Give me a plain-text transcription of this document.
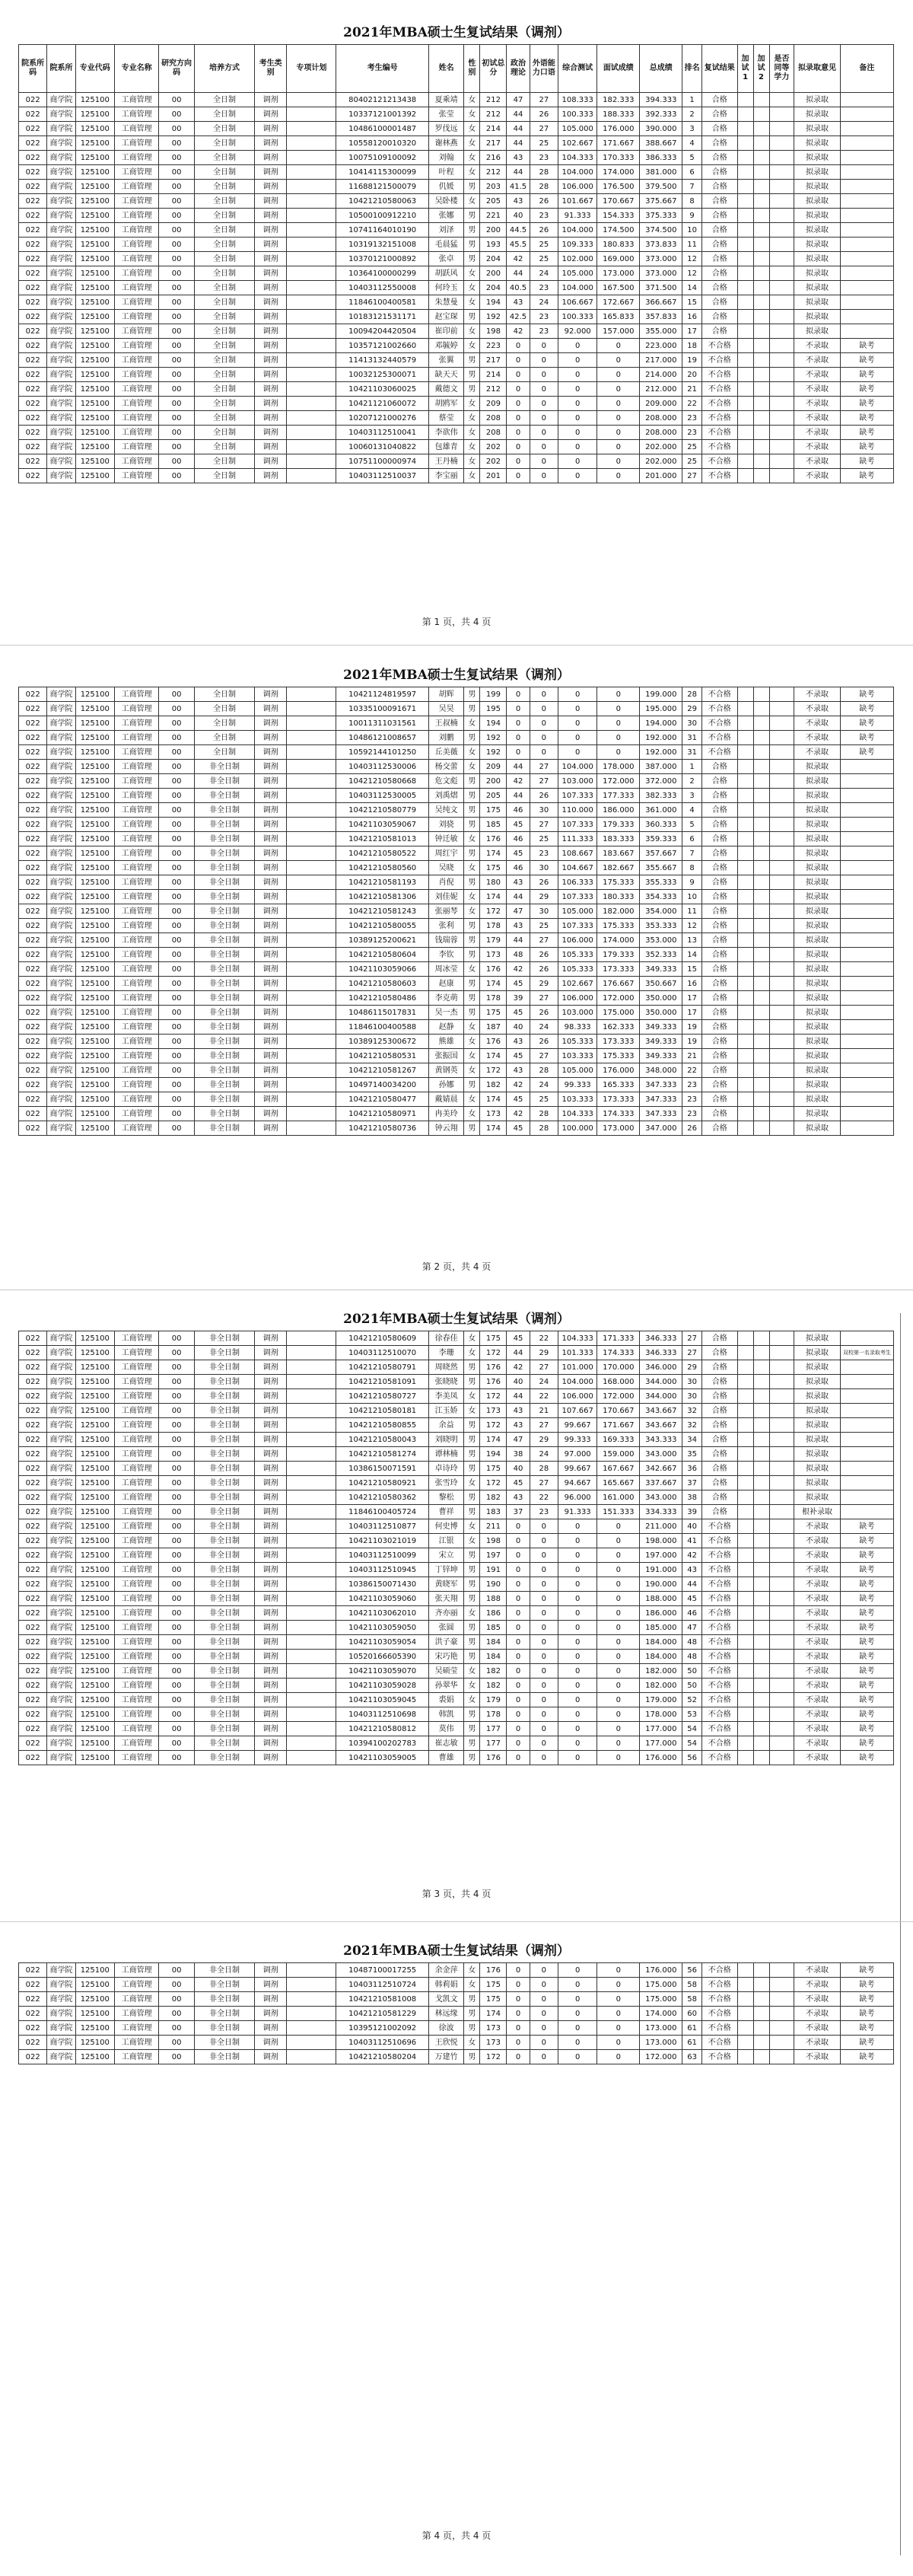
2021年MBA硕士生复试结果（调剂）
院系所码	院系所	专业代码	专业名称	研究方向码	培养方式	考生类别	专项计划	考生编号	姓名	性别	初试总分	政治理论	外语能力口语	综合测试	面试成绩	总成绩	排名	复试结果	加试1	加试2	是否同等学力	拟录取意见	备注
022	商学院	125100	工商管理	00	全日制	调剂		80402121213438	夏乘靖	女	212	47	27	108.333	182.333	394.333	1	合格				拟录取	
022	商学院	125100	工商管理	00	全日制	调剂		10337121001392	张莹	女	212	44	26	100.333	188.333	392.333	2	合格				拟录取	
022	商学院	125100	工商管理	00	全日制	调剂		10486100001487	罗伐远	女	214	44	27	105.000	176.000	390.000	3	合格				拟录取	
022	商学院	125100	工商管理	00	全日制	调剂		10558120010320	谢林燕	女	217	44	25	102.667	171.667	388.667	4	合格				拟录取	
022	商学院	125100	工商管理	00	全日制	调剂		10075109100092	刘翰	女	216	43	23	104.333	170.333	386.333	5	合格				拟录取	
022	商学院	125100	工商管理	00	全日制	调剂		10414115300099	叶程	女	212	44	28	104.000	174.000	381.000	6	合格				拟录取	
022	商学院	125100	工商管理	00	全日制	调剂		11688121500079	仉媛	男	203	41.5	28	106.000	176.500	379.500	7	合格				拟录取	
022	商学院	125100	工商管理	00	全日制	调剂		10421210580063	吴卧楼	女	205	43	26	101.667	170.667	375.667	8	合格				拟录取	
022	商学院	125100	工商管理	00	全日制	调剂		10500100912210	张娜	男	221	40	23	91.333	154.333	375.333	9	合格				拟录取	
022	商学院	125100	工商管理	00	全日制	调剂		10741164010190	刘泽	男	200	44.5	26	104.000	174.500	374.500	10	合格				拟录取	
022	商学院	125100	工商管理	00	全日制	调剂		10319132151008	毛晨猛	男	193	45.5	25	109.333	180.833	373.833	11	合格				拟录取	
022	商学院	125100	工商管理	00	全日制	调剂		10370121000892	张卓	男	204	42	25	102.000	169.000	373.000	12	合格				拟录取	
022	商学院	125100	工商管理	00	全日制	调剂		10364100000299	胡跃风	女	200	44	24	105.000	173.000	373.000	12	合格				拟录取	
022	商学院	125100	工商管理	00	全日制	调剂		10403112550008	何玲玉	女	204	40.5	23	104.000	167.500	371.500	14	合格				拟录取	
022	商学院	125100	工商管理	00	全日制	调剂		11846100400581	朱慧曼	女	194	43	24	106.667	172.667	366.667	15	合格				拟录取	
022	商学院	125100	工商管理	00	全日制	调剂		10183121531171	赵宝琛	男	192	42.5	23	100.333	165.833	357.833	16	合格				拟录取	
022	商学院	125100	工商管理	00	全日制	调剂		10094204420504	崔印前	女	198	42	23	92.000	157.000	355.000	17	合格				拟录取	
022	商学院	125100	工商管理	00	全日制	调剂		10357121002660	邓毓婷	女	223	0	0	0	0	223.000	18	不合格				不录取	缺考
022	商学院	125100	工商管理	00	全日制	调剂		11413132440579	张翼	男	217	0	0	0	0	217.000	19	不合格				不录取	缺考
022	商学院	125100	工商管理	00	全日制	调剂		10032125300071	缺天天	男	214	0	0	0	0	214.000	20	不合格				不录取	缺考
022	商学院	125100	工商管理	00	全日制	调剂		10421103060025	戴德文	男	212	0	0	0	0	212.000	21	不合格				不录取	缺考
022	商学院	125100	工商管理	00	全日制	调剂		10421121060072	胡鸥军	女	209	0	0	0	0	209.000	22	不合格				不录取	缺考
022	商学院	125100	工商管理	00	全日制	调剂		10207121000276	蔡莹	女	208	0	0	0	0	208.000	23	不合格				不录取	缺考
022	商学院	125100	工商管理	00	全日制	调剂		10403112510041	李欲伟	女	208	0	0	0	0	208.000	23	不合格				不录取	缺考
022	商学院	125100	工商管理	00	全日制	调剂		10060131040822	包雄青	女	202	0	0	0	0	202.000	25	不合格				不录取	缺考
022	商学院	125100	工商管理	00	全日制	调剂		10751100000974	王丹楠	女	202	0	0	0	0	202.000	25	不合格				不录取	缺考
022	商学院	125100	工商管理	00	全日制	调剂		10403112510037	李宝丽	女	201	0	0	0	0	201.000	27	不合格				不录取	缺考
第 1 页，共 4 页
2021年MBA硕士生复试结果（调剂）
022	商学院	125100	工商管理	00	全日制	调剂		10421124819597	胡辉	男	199	0	0	0	0	199.000	28	不合格				不录取	缺考
022	商学院	125100	工商管理	00	全日制	调剂		10335100091671	吴昊	男	195	0	0	0	0	195.000	29	不合格				不录取	缺考
022	商学院	125100	工商管理	00	全日制	调剂		10011311031561	王叔楠	女	194	0	0	0	0	194.000	30	不合格				不录取	缺考
022	商学院	125100	工商管理	00	全日制	调剂		10486121008657	刘鹏	男	192	0	0	0	0	192.000	31	不合格				不录取	缺考
022	商学院	125100	工商管理	00	全日制	调剂		10592144101250	丘美薇	女	192	0	0	0	0	192.000	31	不合格				不录取	缺考
022	商学院	125100	工商管理	00	非全日制	调剂		10403112530006	杨交蕾	女	209	44	27	104.000	178.000	387.000	1	合格				拟录取	
022	商学院	125100	工商管理	00	非全日制	调剂		10421210580668	危文彪	男	200	42	27	103.000	172.000	372.000	2	合格				拟录取	
022	商学院	125100	工商管理	00	非全日制	调剂		10403112530005	刘禹熠	男	205	44	26	107.333	177.333	382.333	3	合格				拟录取	
022	商学院	125100	工商管理	00	非全日制	调剂		10421210580779	吴纯文	男	175	46	30	110.000	186.000	361.000	4	合格				拟录取	
022	商学院	125100	工商管理	00	非全日制	调剂		10421103059067	刘骁	男	185	45	27	107.333	179.333	360.333	5	合格				拟录取	
022	商学院	125100	工商管理	00	非全日制	调剂		10421210581013	钟迁敏	女	176	46	25	111.333	183.333	359.333	6	合格				拟录取	
022	商学院	125100	工商管理	00	非全日制	调剂		10421210580522	周红宇	男	174	45	23	108.667	183.667	357.667	7	合格				拟录取	
022	商学院	125100	工商管理	00	非全日制	调剂		10421210580560	吴晓	女	175	46	30	104.667	182.667	355.667	8	合格				拟录取	
022	商学院	125100	工商管理	00	非全日制	调剂		10421210581193	肖倪	男	180	43	26	106.333	175.333	355.333	9	合格				拟录取	
022	商学院	125100	工商管理	00	非全日制	调剂		10421210581306	刘佳妮	女	174	44	29	107.333	180.333	354.333	10	合格				拟录取	
022	商学院	125100	工商管理	00	非全日制	调剂		10421210581243	张丽琴	女	172	47	30	105.000	182.000	354.000	11	合格				拟录取	
022	商学院	125100	工商管理	00	非全日制	调剂		10421210580055	张利	男	178	43	25	107.333	175.333	353.333	12	合格				拟录取	
022	商学院	125100	工商管理	00	非全日制	调剂		10389125200621	钱瑞蓉	男	179	44	27	106.000	174.000	353.000	13	合格				拟录取	
022	商学院	125100	工商管理	00	非全日制	调剂		10421210580604	李钦	男	173	48	26	105.333	179.333	352.333	14	合格				拟录取	
022	商学院	125100	工商管理	00	非全日制	调剂		10421103059066	周冰莹	女	176	42	26	105.333	173.333	349.333	15	合格				拟录取	
022	商学院	125100	工商管理	00	非全日制	调剂		10421210580603	赵康	男	174	45	29	102.667	176.667	350.667	16	合格				拟录取	
022	商学院	125100	工商管理	00	非全日制	调剂		10421210580486	李克萌	男	178	39	27	106.000	172.000	350.000	17	合格				拟录取	
022	商学院	125100	工商管理	00	非全日制	调剂		10486115017831	吴一杰	男	175	45	26	103.000	175.000	350.000	17	合格				拟录取	
022	商学院	125100	工商管理	00	非全日制	调剂		11846100400588	赵静	女	187	40	24	98.333	162.333	349.333	19	合格				拟录取	
022	商学院	125100	工商管理	00	非全日制	调剂		10389125300672	熊雄	女	176	43	26	105.333	173.333	349.333	19	合格				拟录取	
022	商学院	125100	工商管理	00	非全日制	调剂		10421210580531	张振国	女	174	45	27	103.333	175.333	349.333	21	合格				拟录取	
022	商学院	125100	工商管理	00	非全日制	调剂		10421210581267	黄钢英	女	172	43	28	105.000	176.000	348.000	22	合格				拟录取	
022	商学院	125100	工商管理	00	非全日制	调剂		10497140034200	孙娜	男	182	42	24	99.333	165.333	347.333	23	合格				拟录取	
022	商学院	125100	工商管理	00	非全日制	调剂		10421210580477	戴婧晨	女	174	45	25	103.333	173.333	347.333	23	合格				拟录取	
022	商学院	125100	工商管理	00	非全日制	调剂		10421210580971	冉美玲	女	173	42	28	104.333	174.333	347.333	23	合格				拟录取	
022	商学院	125100	工商管理	00	非全日制	调剂		10421210580736	钟云翔	男	174	45	28	100.000	173.000	347.000	26	合格				拟录取	
第 2 页，共 4 页
2021年MBA硕士生复试结果（调剂）
022	商学院	125100	工商管理	00	非全日制	调剂		10421210580609	徐春佳	女	175	45	22	104.333	171.333	346.333	27	合格				拟录取	
022	商学院	125100	工商管理	00	非全日制	调剂		10403112510070	李珊	女	172	44	29	101.333	174.333	346.333	27	合格				拟录取	双校第一名录取考生
022	商学院	125100	工商管理	00	非全日制	调剂		10421210580791	周晓然	男	176	42	27	101.000	170.000	346.000	29	合格				拟录取	
022	商学院	125100	工商管理	00	非全日制	调剂		10421210581091	张晓晓	男	176	40	24	104.000	168.000	344.000	30	合格				拟录取	
022	商学院	125100	工商管理	00	非全日制	调剂		10421210580727	李美凤	女	172	44	22	106.000	172.000	344.000	30	合格				拟录取	
022	商学院	125100	工商管理	00	非全日制	调剂		10421210580181	江玉娇	女	173	43	21	107.667	170.667	343.667	32	合格				拟录取	
022	商学院	125100	工商管理	00	非全日制	调剂		10421210580855	余益	男	172	43	27	99.667	171.667	343.667	32	合格				拟录取	
022	商学院	125100	工商管理	00	非全日制	调剂		10421210580043	刘晓明	男	174	47	29	99.333	169.333	343.333	34	合格				拟录取	
022	商学院	125100	工商管理	00	非全日制	调剂		10421210581274	谭林楠	男	194	38	24	97.000	159.000	343.000	35	合格				拟录取	
022	商学院	125100	工商管理	00	非全日制	调剂		10386150071591	卓诗玲	男	175	40	28	99.667	167.667	342.667	36	合格				拟录取	
022	商学院	125100	工商管理	00	非全日制	调剂		10421210580921	张雪玲	女	172	45	27	94.667	165.667	337.667	37	合格				拟录取	
022	商学院	125100	工商管理	00	非全日制	调剂		10421210580362	黎松	男	182	43	22	96.000	161.000	343.000	38	合格				拟录取	
022	商学院	125100	工商管理	00	非全日制	调剂		11846100405724	曹祥	男	183	37	23	91.333	151.333	334.333	39	合格				根补录取	
022	商学院	125100	工商管理	00	非全日制	调剂		10403112510877	何史博	女	211	0	0	0	0	211.000	40	不合格				不录取	缺考
022	商学院	125100	工商管理	00	非全日制	调剂		10421103021019	江银	女	198	0	0	0	0	198.000	41	不合格				不录取	缺考
022	商学院	125100	工商管理	00	非全日制	调剂		10403112510099	宋立	男	197	0	0	0	0	197.000	42	不合格				不录取	缺考
022	商学院	125100	工商管理	00	非全日制	调剂		10403112510945	丁锌坤	男	191	0	0	0	0	191.000	43	不合格				不录取	缺考
022	商学院	125100	工商管理	00	非全日制	调剂		10386150071430	黄晓军	男	190	0	0	0	0	190.000	44	不合格				不录取	缺考
022	商学院	125100	工商管理	00	非全日制	调剂		10421103059060	张天翔	男	188	0	0	0	0	188.000	45	不合格				不录取	缺考
022	商学院	125100	工商管理	00	非全日制	调剂		10421103062010	齐亦丽	女	186	0	0	0	0	186.000	46	不合格				不录取	缺考
022	商学院	125100	工商管理	00	非全日制	调剂		10421103059050	张圆	男	185	0	0	0	0	185.000	47	不合格				不录取	缺考
022	商学院	125100	工商管理	00	非全日制	调剂		10421103059054	洪子豪	男	184	0	0	0	0	184.000	48	不合格				不录取	缺考
022	商学院	125100	工商管理	00	非全日制	调剂		10520166605390	宋巧艳	男	184	0	0	0	0	184.000	48	不合格				不录取	缺考
022	商学院	125100	工商管理	00	非全日制	调剂		10421103059070	吴硕莹	女	182	0	0	0	0	182.000	50	不合格				不录取	缺考
022	商学院	125100	工商管理	00	非全日制	调剂		10421103059028	孙翠华	女	182	0	0	0	0	182.000	50	不合格				不录取	缺考
022	商学院	125100	工商管理	00	非全日制	调剂		10421103059045	裘娟	女	179	0	0	0	0	179.000	52	不合格				不录取	缺考
022	商学院	125100	工商管理	00	非全日制	调剂		10403112510698	韩凯	男	178	0	0	0	0	178.000	53	不合格				不录取	缺考
022	商学院	125100	工商管理	00	非全日制	调剂		10421210580812	莫伟	男	177	0	0	0	0	177.000	54	不合格				不录取	缺考
022	商学院	125100	工商管理	00	非全日制	调剂		10394100202783	崔志敏	男	177	0	0	0	0	177.000	54	不合格				不录取	缺考
022	商学院	125100	工商管理	00	非全日制	调剂		10421103059005	曹雄	男	176	0	0	0	0	176.000	56	不合格				不录取	缺考
第 3 页，共 4 页
2021年MBA硕士生复试结果（调剂）
022	商学院	125100	工商管理	00	非全日制	调剂		10487100017255	余金萍	女	176	0	0	0	0	176.000	56	不合格				不录取	缺考
022	商学院	125100	工商管理	00	非全日制	调剂		10403112510724	韩莉娟	女	175	0	0	0	0	175.000	58	不合格				不录取	缺考
022	商学院	125100	工商管理	00	非全日制	调剂		10421210581008	戈凯文	男	175	0	0	0	0	175.000	58	不合格				不录取	缺考
022	商学院	125100	工商管理	00	非全日制	调剂		10421210581229	林远缘	男	174	0	0	0	0	174.000	60	不合格				不录取	缺考
022	商学院	125100	工商管理	00	非全日制	调剂		10395121002092	徐波	男	173	0	0	0	0	173.000	61	不合格				不录取	缺考
022	商学院	125100	工商管理	00	非全日制	调剂		10403112510696	王欣悦	女	173	0	0	0	0	173.000	61	不合格				不录取	缺考
022	商学院	125100	工商管理	00	非全日制	调剂		10421210580204	万建竹	男	172	0	0	0	0	172.000	63	不合格				不录取	缺考
第 4 页，共 4 页
